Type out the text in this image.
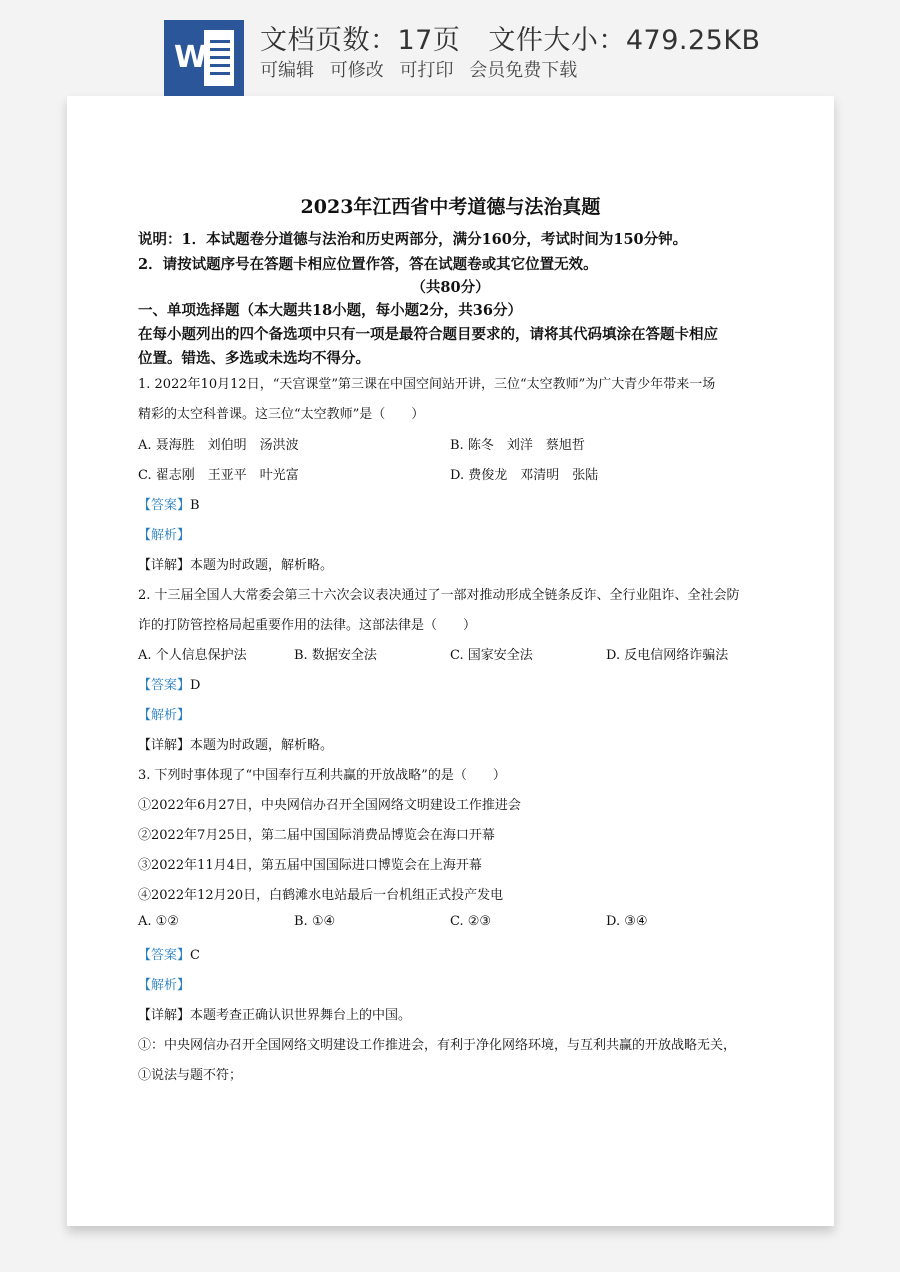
W 文档页数：17页 文件大小：479.25KB
可编辑 可修改 可打印 会员免费下载
2023年江西省中考道德与法治真题
说明：1．本试题卷分道德与法治和历史两部分，满分160分，考试时间为150分钟。
2．请按试题序号在答题卡相应位置作答，答在试题卷或其它位置无效。
（共80分）
一、单项选择题（本大题共18小题，每小题2分，共36分）
在每小题列出的四个备选项中只有一项是最符合题目要求的，请将其代码填涂在答题卡相应
位置。错选、多选或未选均不得分。
1. 2022年10月12日，“天宫课堂”第三课在中国空间站开讲，三位“太空教师”为广大青少年带来一场
精彩的太空科普课。这三位“太空教师”是（　　）
A. 聂海胜　刘伯明　汤洪波	B. 陈冬　刘洋　蔡旭哲
C. 翟志刚　王亚平　叶光富	D. 费俊龙　邓清明　张陆
【答案】B
【解析】
【详解】本题为时政题，解析略。
2. 十三届全国人大常委会第三十六次会议表决通过了一部对推动形成全链条反诈、全行业阻诈、全社会防
诈的打防管控格局起重要作用的法律。这部法律是（　　）
A. 个人信息保护法	B. 数据安全法	C. 国家安全法	D. 反电信网络诈骗法
【答案】D
【解析】
【详解】本题为时政题，解析略。
3. 下列时事体现了“中国奉行互利共赢的开放战略”的是（　　）
①2022年6月27日，中央网信办召开全国网络文明建设工作推进会
②2022年7月25日，第二届中国国际消费品博览会在海口开幕
③2022年11月4日，第五届中国国际进口博览会在上海开幕
④2022年12月20日，白鹤滩水电站最后一台机组正式投产发电
A. ①②	B. ①④	C. ②③	D. ③④
【答案】C
【解析】
【详解】本题考查正确认识世界舞台上的中国。
①：中央网信办召开全国网络文明建设工作推进会，有利于净化网络环境，与互利共赢的开放战略无关，
①说法与题不符；
